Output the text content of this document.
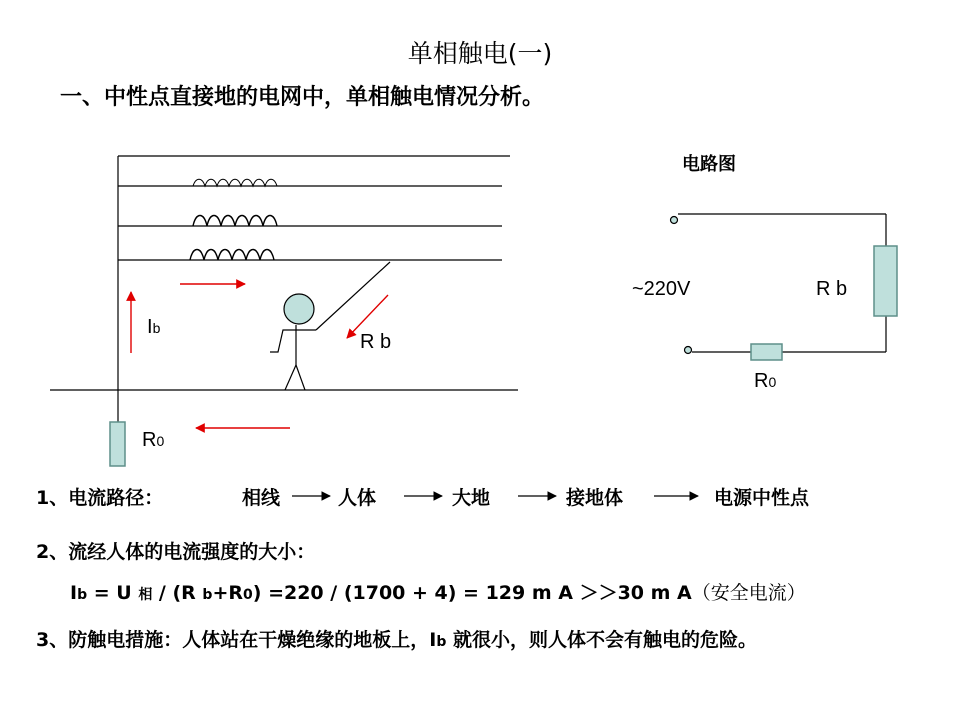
单相触电(一)
一、中性点直接地的电网中，单相触电情况分析。
Ib
R b
R0
电路图
~220V	R b
R0
1、电流路径：	相线	人体	大地	接地体	电源中性点
2、流经人体的电流强度的大小：
Ib = U 相 / (R b+R0) =220 / (1700 + 4) = 129 m A ＞＞30 m A（安全电流）
3、防触电措施：人体站在干燥绝缘的地板上，Ib 就很小，则人体不会有触电的危险。
